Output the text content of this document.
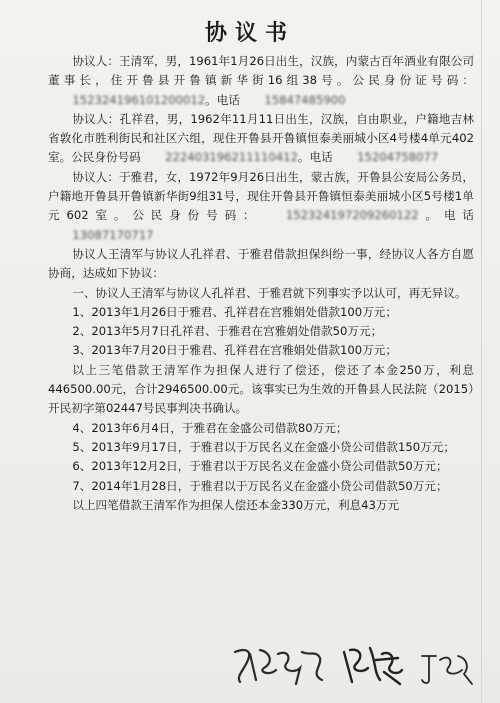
协议书

协议人：王清军，男，1961年1月26日出生，汉族，内蒙古百年酒业有限公司董事长，住开鲁县开鲁镇新华街16组38号。公民身份证号码：152324196101200012。电话 15847485900

协议人：孔祥君，男，1962年11月11日出生，汉族，自由职业，户籍地吉林省敦化市胜利街民和社区六组，现住开鲁县开鲁镇恒泰美丽城小区4号楼4单元402室。公民身份号码 222403196211110412。电话 15204758077

协议人：于雅君，女，1972年9月26日出生，蒙古族，开鲁县公安局公务员，户籍地开鲁县开鲁镇新华街9组31号，现住开鲁县开鲁镇恒泰美丽城小区5号楼1单元602室。公民身份号码： 152324197209260122。电话13087170717

协议人王清军与协议人孔祥君、于雅君借款担保纠纷一事，经协议人各方自愿协商，达成如下协议：

一、协议人王清军与协议人孔祥君、于雅君就下列事实予以认可，再无异议。

1、2013年1月26日于雅君、孔祥君在宫雅娟处借款100万元；

2、2013年5月7日孔祥君、于雅君在宫雅娟处借款50万元；

3、2013年7月20日于雅君、孔祥君在宫雅娟处借款100万元；

以上三笔借款王清军作为担保人进行了偿还，偿还了本金250万，利息446500.00元，合计2946500.00元。该事实已为生效的开鲁县人民法院（2015）开民初字第02447号民事判决书确认。

4、2013年6月4日，于雅君在金盛公司借款80万元；

5、2013年9月17日，于雅君以于万民名义在金盛小贷公司借款150万元；

6、2013年12月2日，于雅君以于万民名义在金盛小贷公司借款50万元；

7、2014年1月28日，于雅君以于万民名义在金盛小贷公司借款50万元；

以上四笔借款王清军作为担保人偿还本金330万元，利息43万元
